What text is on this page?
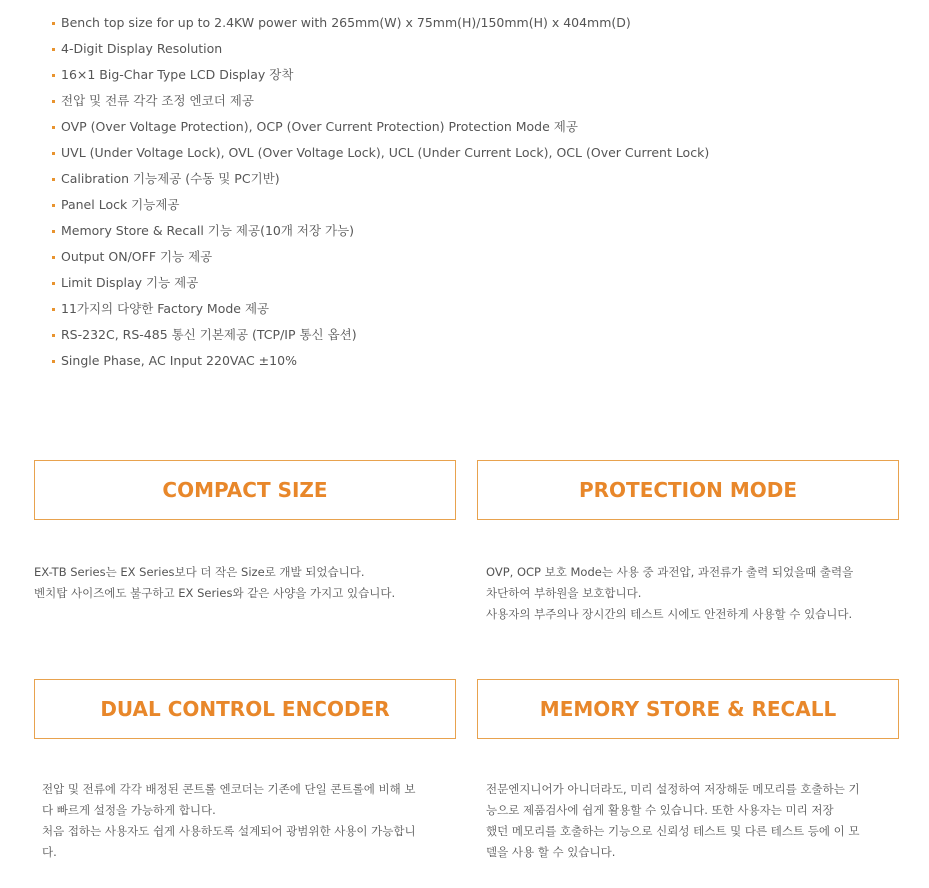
Bench top size for up to 2.4KW power with 265mm(W) x 75mm(H)/150mm(H) x 404mm(D)
4-Digit Display Resolution
16×1 Big-Char Type LCD Display 장착
전압 및 전류 각각 조정 엔코더 제공
OVP (Over Voltage Protection), OCP (Over Current Protection) Protection Mode 제공
UVL (Under Voltage Lock), OVL (Over Voltage Lock), UCL (Under Current Lock), OCL (Over Current Lock)
Calibration 기능제공 (수동 및 PC기반)
Panel Lock 기능제공
Memory Store & Recall 기능 제공(10개 저장 가능)
Output ON/OFF 기능 제공
Limit Display 기능 제공
11가지의 다양한 Factory Mode 제공
RS-232C, RS-485 통신 기본제공 (TCP/IP 통신 옵션)
Single Phase, AC Input 220VAC ±10%
COMPACT SIZE

EX-TB Series는 EX Series보다 더 작은 Size로 개발 되었습니다.

벤치탑 사이즈에도 불구하고 EX Series와 같은 사양을 가지고 있습니다.

PROTECTION MODE

OVP, OCP 보호 Mode는 사용 중 과전압, 과전류가 출력 되었을때 출력을

차단하여 부하원을 보호합니다.

사용자의 부주의나 장시간의 테스트 시에도 안전하게 사용할 수 있습니다.

DUAL CONTROL ENCODER

전압 및 전류에 각각 배정된 콘트롤 엔코더는 기존에 단일 콘트롤에 비해 보

다 빠르게 설정을 가능하게 합니다.

처음 접하는 사용자도 쉽게 사용하도록 설계되어 광범위한 사용이 가능합니

다.

MEMORY STORE & RECALL

전문엔지니어가 아니더라도, 미리 설정하여 저장해둔 메모리를 호출하는 기

능으로 제품검사에 쉽게 활용할 수 있습니다. 또한 사용자는 미리 저장

했던 메모리를 호출하는 기능으로 신뢰성 테스트 및 다른 테스트 등에 이 모

델을 사용 할 수 있습니다.
